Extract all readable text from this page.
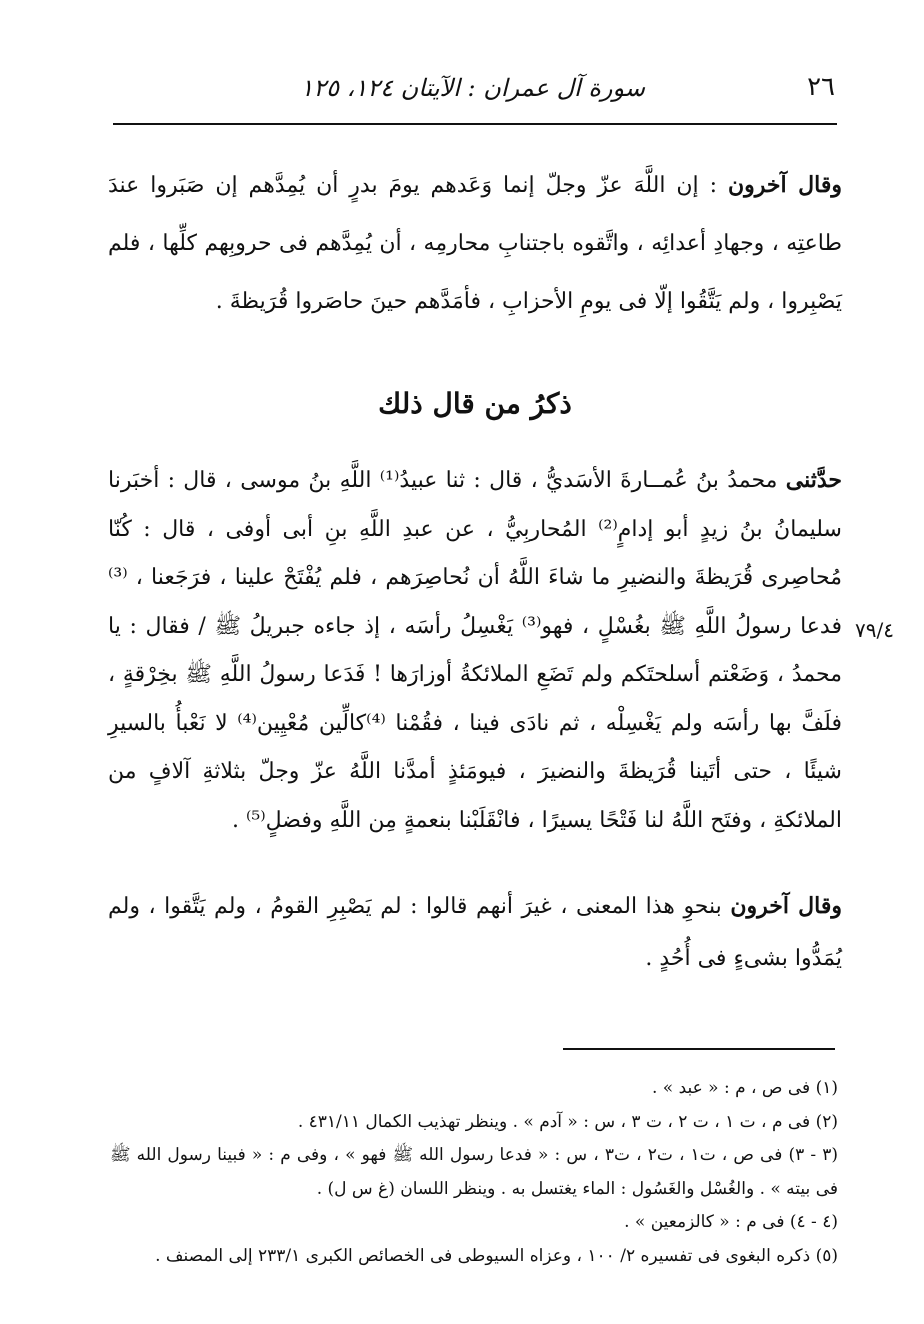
٢٦
سورة آل عمران : الآيتان ١٢٤، ١٢٥

وقال آخرون : إن اللَّهَ عزّ وجلّ إنما وَعَدهم يومَ بدرٍ أن يُمِدَّهم إن صَبَروا عندَ طاعتِه ، وجهادِ أعدائِه ، واتَّقوه باجتنابِ محارمِه ، أن يُمِدَّهم فى حروبِهم كلِّها ، فلم يَصْبِروا ، ولم يَتَّقُوا إلّا فى يومِ الأحزابِ ، فأمَدَّهم حينَ حاصَروا قُرَيظةَ .

ذكرُ من قال ذلك

حدَّثنى محمدُ بنُ عُمــارةَ الأسَديُّ ، قال : ثنا عبيدُ⁽¹⁾ اللَّهِ بنُ موسى ، قال : أخبَرنا سليمانُ بنُ زيدٍ أبو إدامٍ⁽²⁾ المُحاربِيُّ ، عن عبدِ اللَّهِ بنِ أبى أوفى ، قال : كُنّا مُحاصِرى قُرَيظةَ والنضيرِ ما شاءَ اللَّهُ أن نُحاصِرَهم ، فلم يُفْتَحْ علينا ، فرَجَعنا ، ⁽³⁾فدعا رسولُ اللَّهِ ﷺ بغُسْلٍ ، فهو⁽³⁾ يَغْسِلُ رأسَه ، إذ جاءه جبريلُ ﷺ / فقال : يا محمدُ ، وَضَعْتم أسلحتَكم ولم تَضَعِ الملائكةُ أوزارَها ! فَدَعا رسولُ اللَّهِ ﷺ بخِرْقةٍ ، فلَفَّ بها رأسَه ولم يَغْسِلْه ، ثم نادَى فينا ، فقُمْنا ⁽⁴⁾كالِّين مُعْيِين⁽⁴⁾ لا نَعْبأُ بالسيرِ شيئًا ، حتى أتَينا قُرَيظةَ والنضيرَ ، فيومَئذٍ أمدَّنا اللَّهُ عزّ وجلّ بثلاثةِ آلافٍ من الملائكةِ ، وفتَح اللَّهُ لنا فَتْحًا يسيرًا ، فانْقَلَبْنا بنعمةٍ مِن اللَّهِ وفضلٍ⁽⁵⁾ .

٧٩/٤

وقال آخرون بنحوِ هذا المعنى ، غيرَ أنهم قالوا : لم يَصْبِرِ القومُ ، ولم يَتَّقوا ، ولم يُمَدُّوا بشىءٍ فى أُحُدٍ .

(١) فى ص ، م : « عبد » .

(٢) فى م ، ت ١ ، ت ٢ ، ت ٣ ، س : « آدم » . وينظر تهذيب الكمال ٤٣١/١١ .

(٣ - ٣) فى ص ، ت١ ، ت٢ ، ت٣ ، س : « فدعا رسول الله ﷺ فهو » ، وفى م : « فبينا رسول الله ﷺ فى بيته » . والغُسْل والغَسُول : الماء يغتسل به . وينظر اللسان (غ س ل) .

(٤ - ٤) فى م : « كالزمعين » .

(٥) ذكره البغوى فى تفسيره ٢/ ١٠٠ ، وعزاه السيوطى فى الخصائص الكبرى ٢٣٣/١ إلى المصنف .
